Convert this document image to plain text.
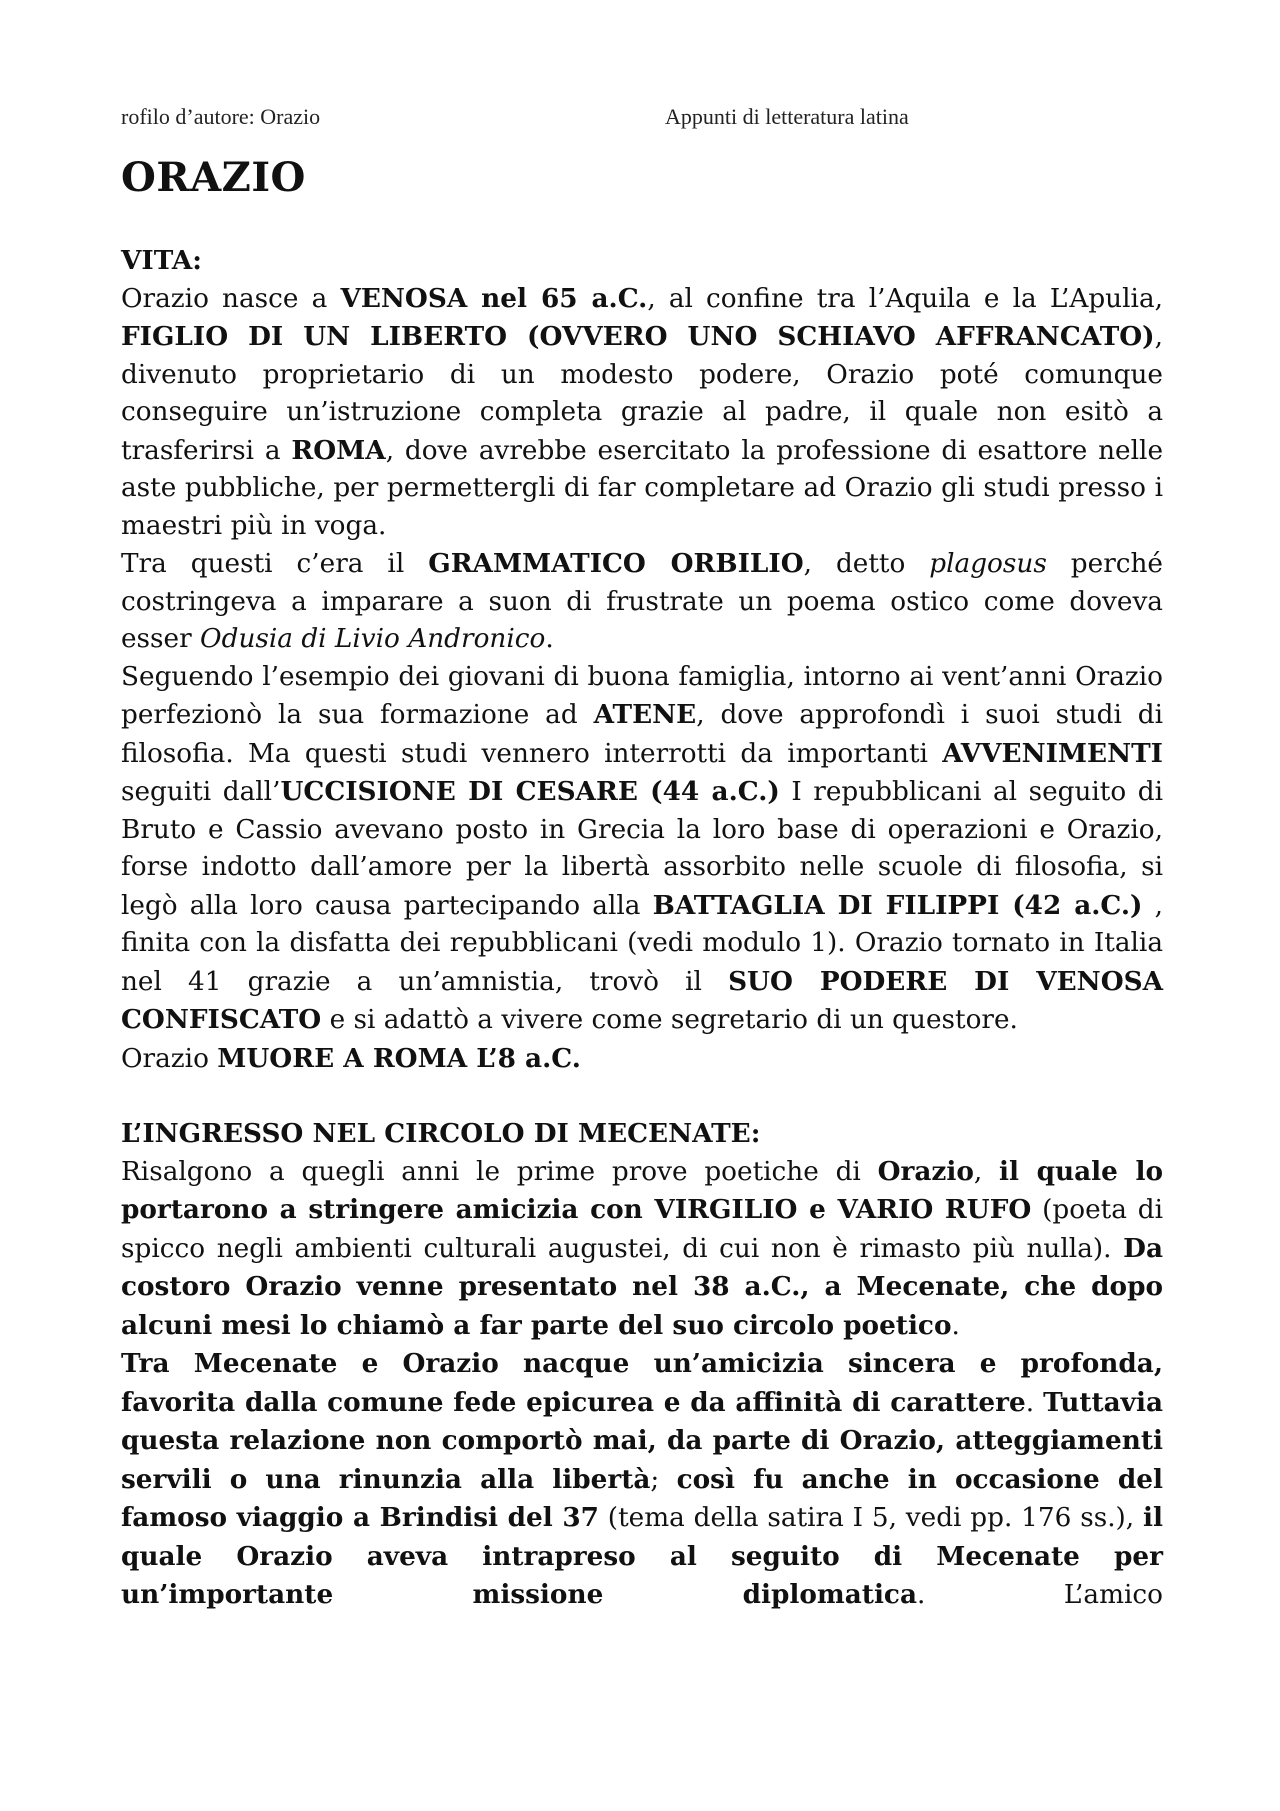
rofilo d’autore: Orazio	Appunti di letteratura latina
ORAZIO
VITA:

Orazio nasce a VENOSA nel 65 a.C., al confine tra l’Aquila e la L’Apulia, FIGLIO DI UN LIBERTO (OVVERO UNO SCHIAVO AFFRANCATO), divenuto proprietario di un modesto podere, Orazio poté comunque conseguire un’istruzione completa grazie al padre, il quale non esitò a trasferirsi a ROMA, dove avrebbe esercitato la professione di esattore nelle aste pubbliche, per permettergli di far completare ad Orazio gli studi presso i maestri più in voga.

Tra questi c’era il GRAMMATICO ORBILIO, detto plagosus perché costringeva a imparare a suon di frustrate un poema ostico come doveva esser Odusia di Livio Andronico.

Seguendo l’esempio dei giovani di buona famiglia, intorno ai vent’anni Orazio perfezionò la sua formazione ad ATENE, dove approfondì i suoi studi di filosofia. Ma questi studi vennero interrotti da importanti AVVENIMENTI seguiti dall’UCCISIONE DI CESARE (44 a.C.) I repubblicani al seguito di Bruto e Cassio avevano posto in Grecia la loro base di operazioni e Orazio, forse indotto dall’amore per la libertà assorbito nelle scuole di filosofia, si legò alla loro causa partecipando alla BATTAGLIA DI FILIPPI (42 a.C.) , finita con la disfatta dei repubblicani (vedi modulo 1). Orazio tornato in Italia nel 41 grazie a un’amnistia, trovò il SUO PODERE DI VENOSA CONFISCATO e si adattò a vivere come segretario di un questore.

Orazio MUORE A ROMA L’8 a.C.

L’INGRESSO NEL CIRCOLO DI MECENATE:

Risalgono a quegli anni le prime prove poetiche di Orazio, il quale lo portarono a stringere amicizia con VIRGILIO e VARIO RUFO (poeta di spicco negli ambienti culturali augustei, di cui non è rimasto più nulla). Da costoro Orazio venne presentato nel 38 a.C., a Mecenate, che dopo alcuni mesi lo chiamò a far parte del suo circolo poetico.

Tra Mecenate e Orazio nacque un’amicizia sincera e profonda, favorita dalla comune fede epicurea e da affinità di carattere. Tuttavia questa relazione non comportò mai, da parte di Orazio, atteggiamenti servili o una rinunzia alla libertà; così fu anche in occasione del famoso viaggio a Brindisi del 37 (tema della satira I 5, vedi pp. 176 ss.), il quale Orazio aveva intrapreso al seguito di Mecenate per un’importante missione diplomatica. L’amico
